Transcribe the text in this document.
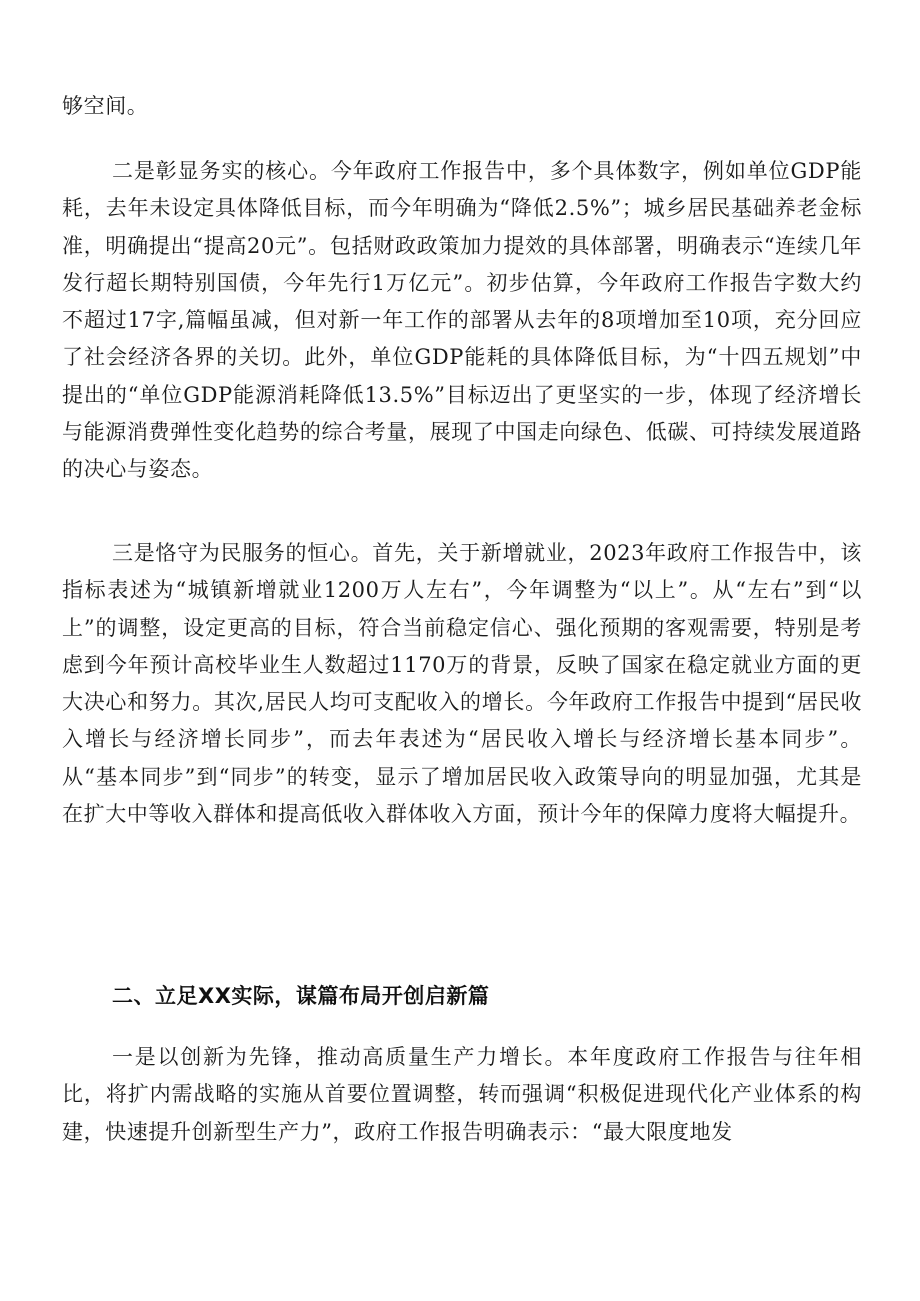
够空间。

二是彰显务实的核心。今年政府工作报告中，多个具体数字，例如单位GDP能耗，去年未设定具体降低目标，而今年明确为“降低2.5%”；城乡居民基础养老金标准，明确提出“提高20元”。包括财政政策加力提效的具体部署，明确表示“连续几年发行超长期特别国债，今年先行1万亿元”。初步估算，今年政府工作报告字数大约不超过17字,篇幅虽减，但对新一年工作的部署从去年的8项增加至10项，充分回应了社会经济各界的关切。此外，单位GDP能耗的具体降低目标，为“十四五规划”中提出的“单位GDP能源消耗降低13.5%”目标迈出了更坚实的一步，体现了经济增长与能源消费弹性变化趋势的综合考量，展现了中国走向绿色、低碳、可持续发展道路的决心与姿态。

三是恪守为民服务的恒心。首先，关于新增就业，2023年政府工作报告中，该指标表述为“城镇新增就业1200万人左右”，今年调整为“以上”。从“左右”到“以上”的调整，设定更高的目标，符合当前稳定信心、强化预期的客观需要，特别是考虑到今年预计高校毕业生人数超过1170万的背景，反映了国家在稳定就业方面的更大决心和努力。其次,居民人均可支配收入的增长。今年政府工作报告中提到“居民收入增长与经济增长同步”，而去年表述为“居民收入增长与经济增长基本同步”。从“基本同步”到“同步”的转变，显示了增加居民收入政策导向的明显加强，尤其是在扩大中等收入群体和提高低收入群体收入方面，预计今年的保障力度将大幅提升。

二、立足XX实际，谋篇布局开创启新篇

一是以创新为先锋，推动高质量生产力增长。本年度政府工作报告与往年相比，将扩内需战略的实施从首要位置调整，转而强调“积极促进现代化产业体系的构建，快速提升创新型生产力”，政府工作报告明确表示：“最大限度地发
